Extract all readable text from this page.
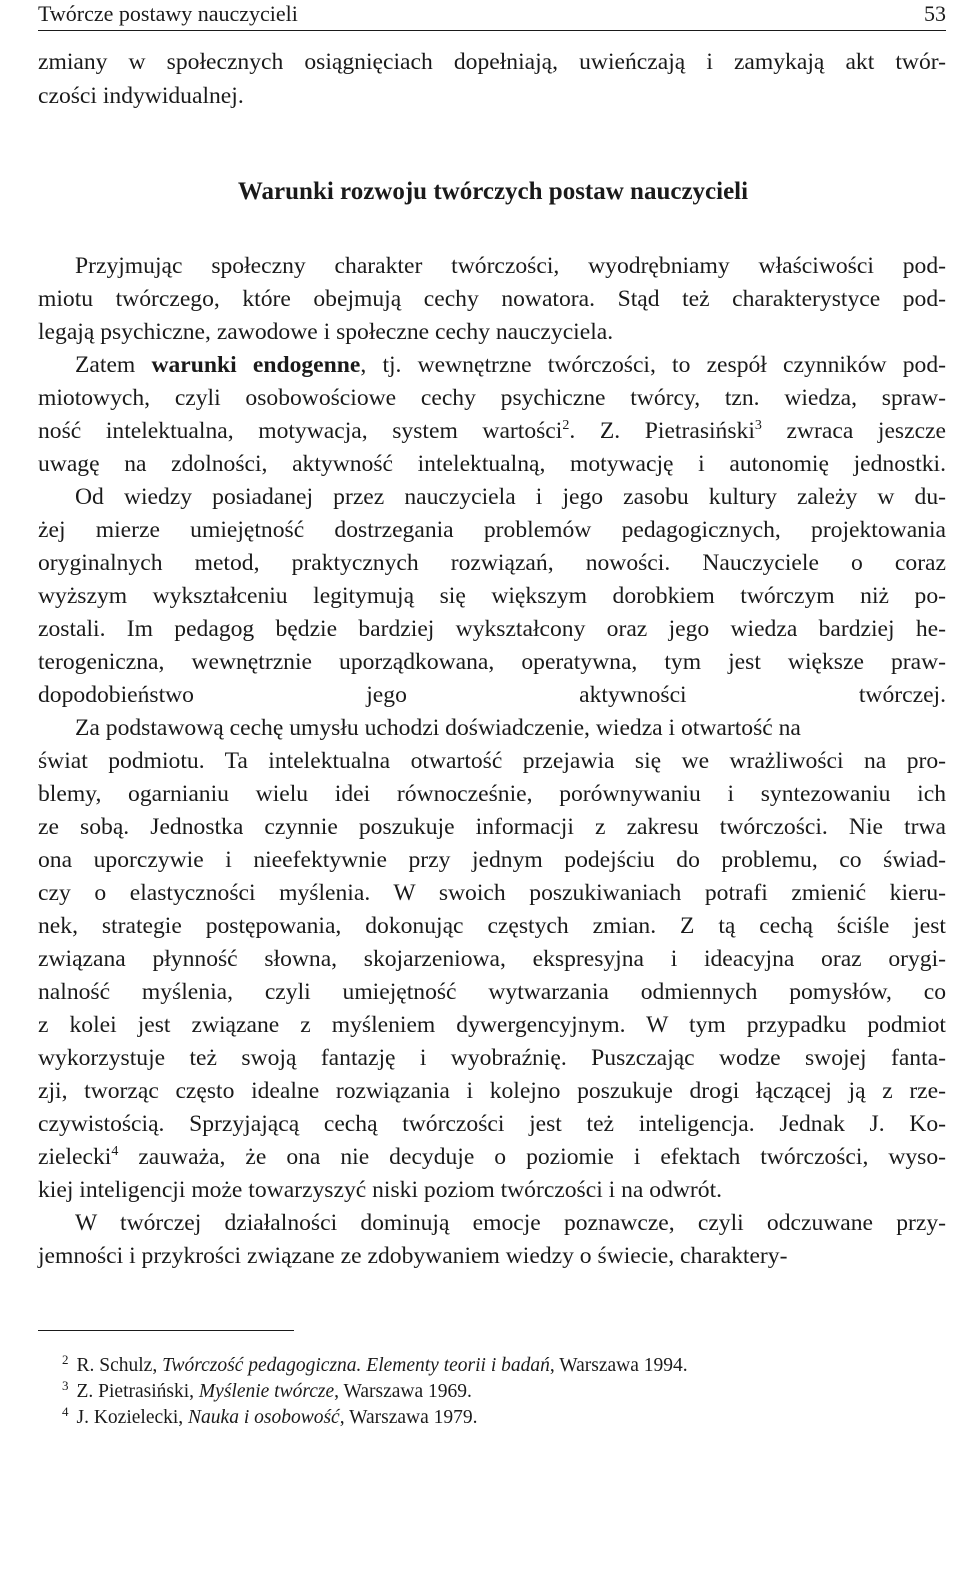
Twórcze postawy nauczycieli	53
Warunki rozwoju twórczych postaw nauczycieli
zmiany w społecznych osiągnięciach dopełniają, uwieńczają i zamykają akt twór-
czości indywidualnej.
Przyjmując społeczny charakter twórczości, wyodrębniamy właściwości pod-
miotu twórczego, które obejmują cechy nowatora. Stąd też charakterystyce pod-
legają psychiczne, zawodowe i społeczne cechy nauczyciela.
Zatem warunki endogenne, tj. wewnętrzne twórczości, to zespół czynników pod-
miotowych, czyli osobowościowe cechy psychiczne twórcy, tzn. wiedza, spraw-
ność intelektualna, motywacja, system wartości$^2$. Z. Pietrasiński$^3$ zwraca jeszcze
uwagę na zdolności, aktywność intelektualną, motywację i autonomię jednostki.
Od wiedzy posiadanej przez nauczyciela i jego zasobu kultury zależy w du-
żej mierze umiejętność dostrzegania problemów pedagogicznych, projektowania
oryginalnych metod, praktycznych rozwiązań, nowości. Nauczyciele o coraz
wyższym wykształceniu legitymują się większym dorobkiem twórczym niż po-
zostali. Im pedagog będzie bardziej wykształcony oraz jego wiedza bardziej he-
terogeniczna, wewnętrznie uporządkowana, operatywna, tym jest większe praw-
dopodobieństwo jego aktywności twórczej.
Za podstawową cechę umysłu uchodzi doświadczenie, wiedza i otwartość na
świat podmiotu. Ta intelektualna otwartość przejawia się we wrażliwości na pro-
blemy, ogarnianiu wielu idei równocześnie, porównywaniu i syntezowaniu ich
ze sobą. Jednostka czynnie poszukuje informacji z zakresu twórczości. Nie trwa
ona uporczywie i nieefektywnie przy jednym podejściu do problemu, co świad-
czy o elastyczności myślenia. W swoich poszukiwaniach potrafi zmienić kieru-
nek, strategie postępowania, dokonując częstych zmian. Z tą cechą ściśle jest
związana płynność słowna, skojarzeniowa, ekspresyjna i ideacyjna oraz orygi-
nalność myślenia, czyli umiejętność wytwarzania odmiennych pomysłów, co
z kolei jest związane z myśleniem dywergencyjnym. W tym przypadku podmiot
wykorzystuje też swoją fantazję i wyobraźnię. Puszczając wodze swojej fanta-
zji, tworząc często idealne rozwiązania i kolejno poszukuje drogi łączącej ją z rze-
czywistością. Sprzyjającą cechą twórczości jest też inteligencja. Jednak J. Ko-
zielecki$^4$ zauważa, że ona nie decyduje o poziomie i efektach twórczości, wyso-
kiej inteligencji może towarzyszyć niski poziom twórczości i na odwrót.
W twórczej działalności dominują emocje poznawcze, czyli odczuwane przy-
jemności i przykrości związane ze zdobywaniem wiedzy o świecie, charaktery-
$^2$ R. Schulz, Twórczość pedagogiczna. Elementy teorii i badań, Warszawa 1994.
$^3$ Z. Pietrasiński, Myślenie twórcze, Warszawa 1969.
$^4$ J. Kozielecki, Nauka i osobowość, Warszawa 1979.
